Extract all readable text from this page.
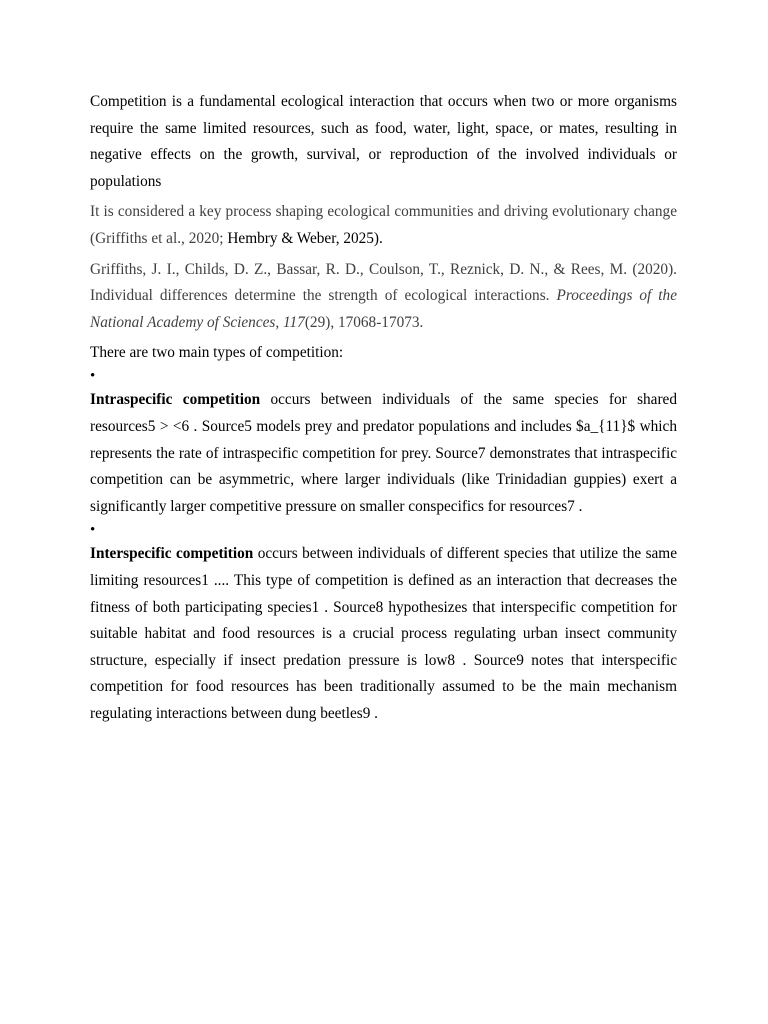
Competition is a fundamental ecological interaction that occurs when two or more organisms require the same limited resources, such as food, water, light, space, or mates, resulting in negative effects on the growth, survival, or reproduction of the involved individuals or populations

It is considered a key process shaping ecological communities and driving evolutionary change (Griffiths et al., 2020; Hembry & Weber, 2025).

Griffiths, J. I., Childs, D. Z., Bassar, R. D., Coulson, T., Reznick, D. N., & Rees, M. (2020). Individual differences determine the strength of ecological interactions. Proceedings of the National Academy of Sciences, 117(29), 17068-17073.

There are two main types of competition:

•

Intraspecific competition occurs between individuals of the same species for shared resources5 > <6 . Source5 models prey and predator populations and includes $a_{11}$ which represents the rate of intraspecific competition for prey. Source7 demonstrates that intraspecific competition can be asymmetric, where larger individuals (like Trinidadian guppies) exert a significantly larger competitive pressure on smaller conspecifics for resources7 .

•

Interspecific competition occurs between individuals of different species that utilize the same limiting resources1 .... This type of competition is defined as an interaction that decreases the fitness of both participating species1 . Source8 hypothesizes that interspecific competition for suitable habitat and food resources is a crucial process regulating urban insect community structure, especially if insect predation pressure is low8 . Source9 notes that interspecific competition for food resources has been traditionally assumed to be the main mechanism regulating interactions between dung beetles9 .
